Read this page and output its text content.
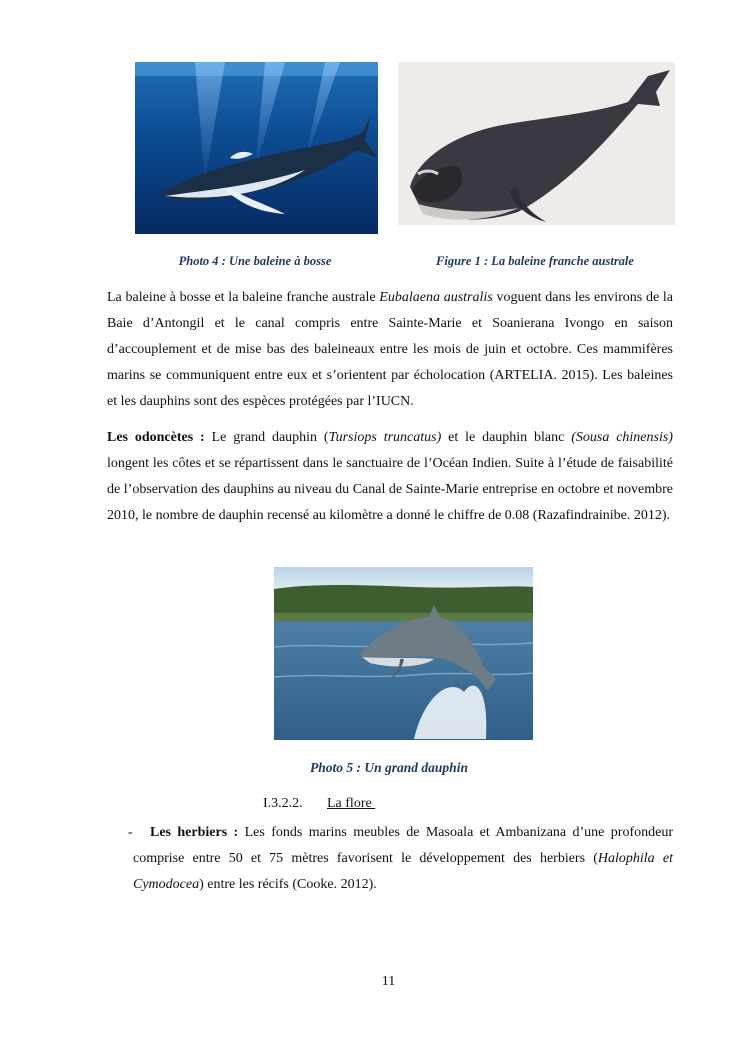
Photo 4 : Une baleine à bosse	Figure 1 : La baleine franche australe

La baleine à bosse et la baleine franche australe Eubalaena australis voguent dans les environs de la Baie d’Antongil et le canal compris entre Sainte-Marie et Soanierana Ivongo en saison d’accouplement et de mise bas des baleineaux entre les mois de juin et octobre. Ces mammifères marins se communiquent entre eux et s’orientent par écholocation (ARTELIA. 2015). Les baleines et les dauphins sont des espèces protégées par l’IUCN.

Les odoncètes : Le grand dauphin (Tursiops truncatus) et le dauphin blanc (Sousa chinensis) longent les côtes et se répartissent dans le sanctuaire de l’Océan Indien. Suite à l’étude de faisabilité de l’observation des dauphins au niveau du Canal de Sainte-Marie entreprise en octobre et novembre 2010, le nombre de dauphin recensé au kilomètre a donné le chiffre de 0.08 (Razafindrainibe. 2012).

Photo 5 : Un grand dauphin
I.3.2.2. La flore
-	Les herbiers : Les fonds marins meubles de Masoala et Ambanizana d’une profondeur comprise entre 50 et 75 mètres favorisent le développement des herbiers (Halophila et Cymodocea) entre les récifs (Cooke. 2012).

11
